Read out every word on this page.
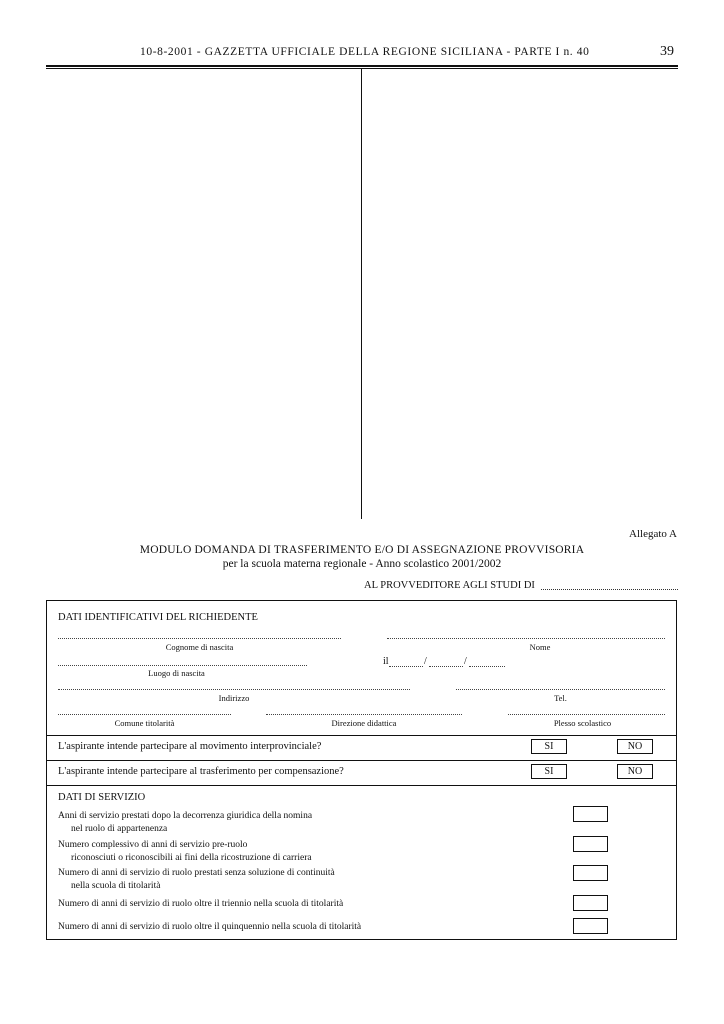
10-8-2001 - GAZZETTA UFFICIALE DELLA REGIONE SICILIANA - PARTE I n. 40	39
Allegato A
MODULO DOMANDA DI TRASFERIMENTO E/O DI ASSEGNAZIONE PROVVISORIA
per la scuola materna regionale - Anno scolastico 2001/2002
AL PROVVEDITORE AGLI STUDI DI
DATI IDENTIFICATIVI DEL RICHIEDENTE
Cognome di nascita	Nome
Luogo di nascita
il	/	/
Indirizzo	Tel.
Comune titolarità	Direzione didattica	Plesso scolastico
L'aspirante intende partecipare al movimento interprovinciale?	SI	NO
L'aspirante intende partecipare al trasferimento per compensazione?	SI	NO
DATI DI SERVIZIO
Anni di servizio prestati dopo la decorrenza giuridica della nomina
nel ruolo di appartenenza
Numero complessivo di anni di servizio pre-ruolo
riconosciuti o riconoscibili ai fini della ricostruzione di carriera
Numero di anni di servizio di ruolo prestati senza soluzione di continuità
nella scuola di titolarità
Numero di anni di servizio di ruolo oltre il triennio nella scuola di titolarità
Numero di anni di servizio di ruolo oltre il quinquennio nella scuola di titolarità
